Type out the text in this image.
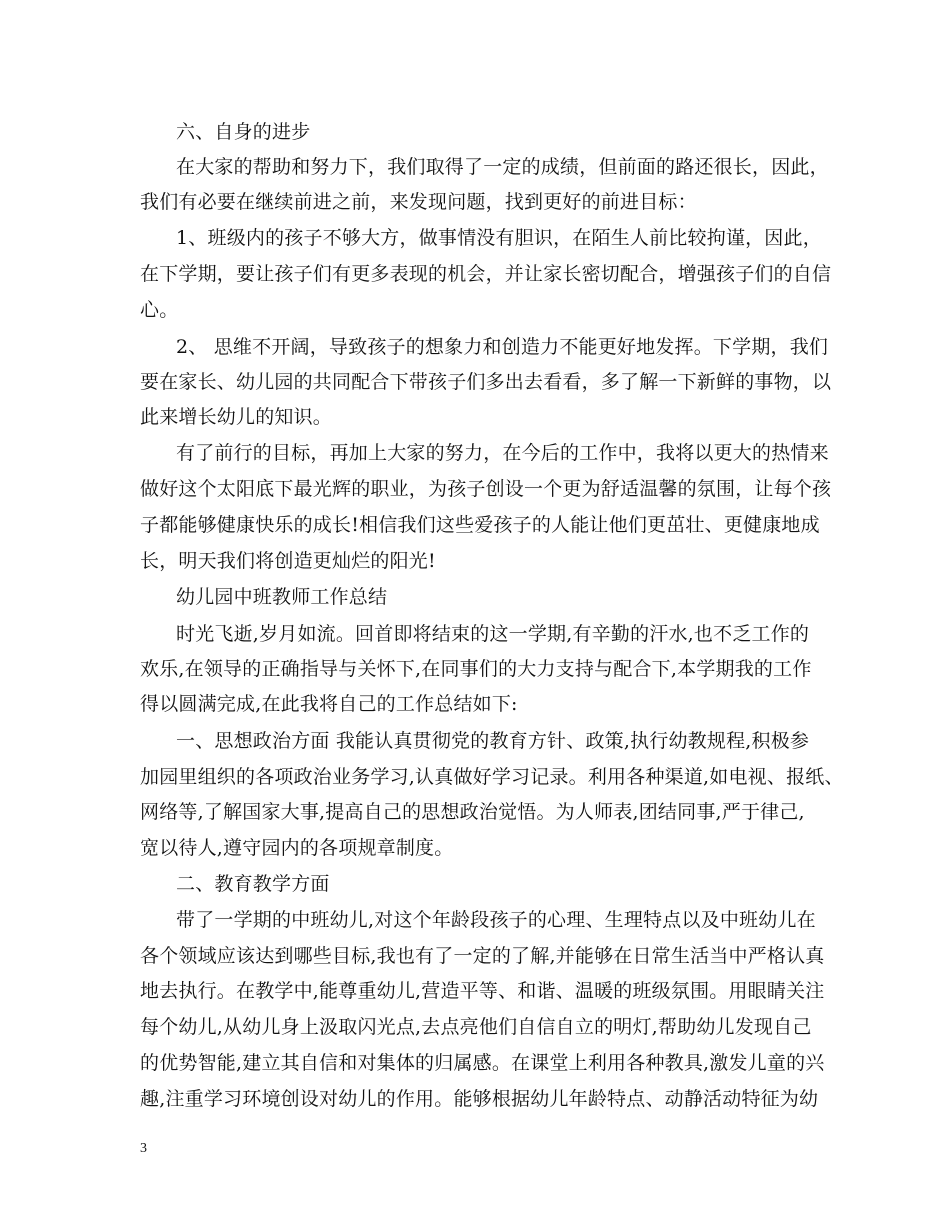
六、自身的进步
在大家的帮助和努力下，我们取得了一定的成绩，但前面的路还很长，因此，
我们有必要在继续前进之前，来发现问题，找到更好的前进目标：
1、班级内的孩子不够大方，做事情没有胆识，在陌生人前比较拘谨，因此，
在下学期，要让孩子们有更多表现的机会，并让家长密切配合，增强孩子们的自信
心。
2、 思维不开阔，导致孩子的想象力和创造力不能更好地发挥。下学期，我们
要在家长、幼儿园的共同配合下带孩子们多出去看看，多了解一下新鲜的事物，以
此来增长幼儿的知识。
有了前行的目标，再加上大家的努力，在今后的工作中，我将以更大的热情来
做好这个太阳底下最光辉的职业，为孩子创设一个更为舒适温馨的氛围，让每个孩
子都能够健康快乐的成长!相信我们这些爱孩子的人能让他们更茁壮、更健康地成
长，明天我们将创造更灿烂的阳光!
幼儿园中班教师工作总结
时光飞逝,岁月如流。回首即将结束的这一学期,有辛勤的汗水,也不乏工作的
欢乐,在领导的正确指导与关怀下,在同事们的大力支持与配合下,本学期我的工作
得以圆满完成,在此我将自己的工作总结如下:
一、思想政治方面 我能认真贯彻党的教育方针、政策,执行幼教规程,积极参
加园里组织的各项政治业务学习,认真做好学习记录。利用各种渠道,如电视、报纸、
网络等,了解国家大事,提高自己的思想政治觉悟。为人师表,团结同事,严于律己,
宽以待人,遵守园内的各项规章制度。
二、教育教学方面
带了一学期的中班幼儿,对这个年龄段孩子的心理、生理特点以及中班幼儿在
各个领域应该达到哪些目标,我也有了一定的了解,并能够在日常生活当中严格认真
地去执行。在教学中,能尊重幼儿,营造平等、和谐、温暖的班级氛围。用眼睛关注
每个幼儿,从幼儿身上汲取闪光点,去点亮他们自信自立的明灯,帮助幼儿发现自己
的优势智能,建立其自信和对集体的归属感。在课堂上利用各种教具,激发儿童的兴
趣,注重学习环境创设对幼儿的作用。能够根据幼儿年龄特点、动静活动特征为幼
3
